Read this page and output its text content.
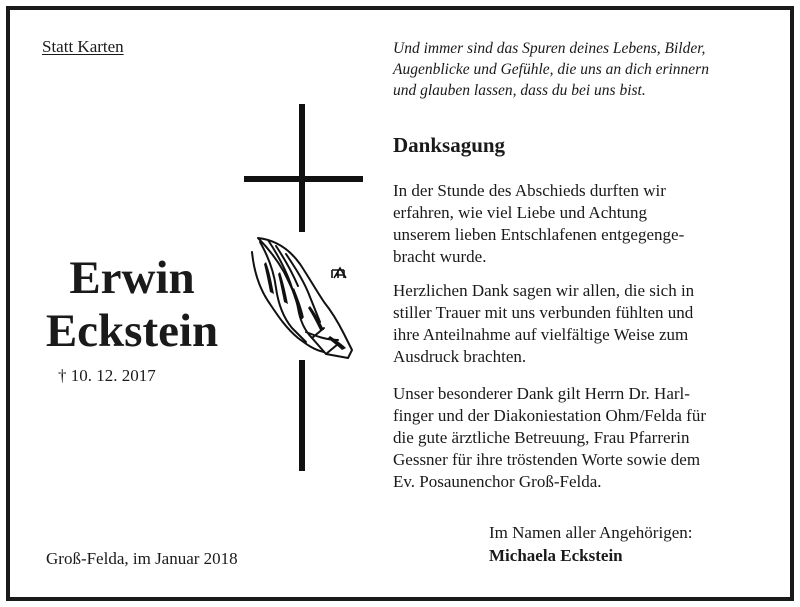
Statt Karten	Und immer sind das Spuren deines Lebens, Bilder,
Augenblicke und Gefühle, die uns an dich erinnern
und glauben lassen, dass du bei uns bist.
Erwin
Eckstein
† 10. 12. 2017
Groß-Felda, im Januar 2018
Danksagung
In der Stunde des Abschieds durften wir
erfahren, wie viel Liebe und Achtung
unserem lieben Entschlafenen entgegenge-
bracht wurde.
Herzlichen Dank sagen wir allen, die sich in
stiller Trauer mit uns verbunden fühlten und
ihre Anteilnahme auf vielfältige Weise zum
Ausdruck brachten.
Unser besonderer Dank gilt Herrn Dr. Harl-
finger und der Diakoniestation Ohm/Felda für
die gute ärztliche Betreuung, Frau Pfarrerin
Gessner für ihre tröstenden Worte sowie dem
Ev. Posaunenchor Groß-Felda.
Im Namen aller Angehörigen:
Michaela Eckstein
